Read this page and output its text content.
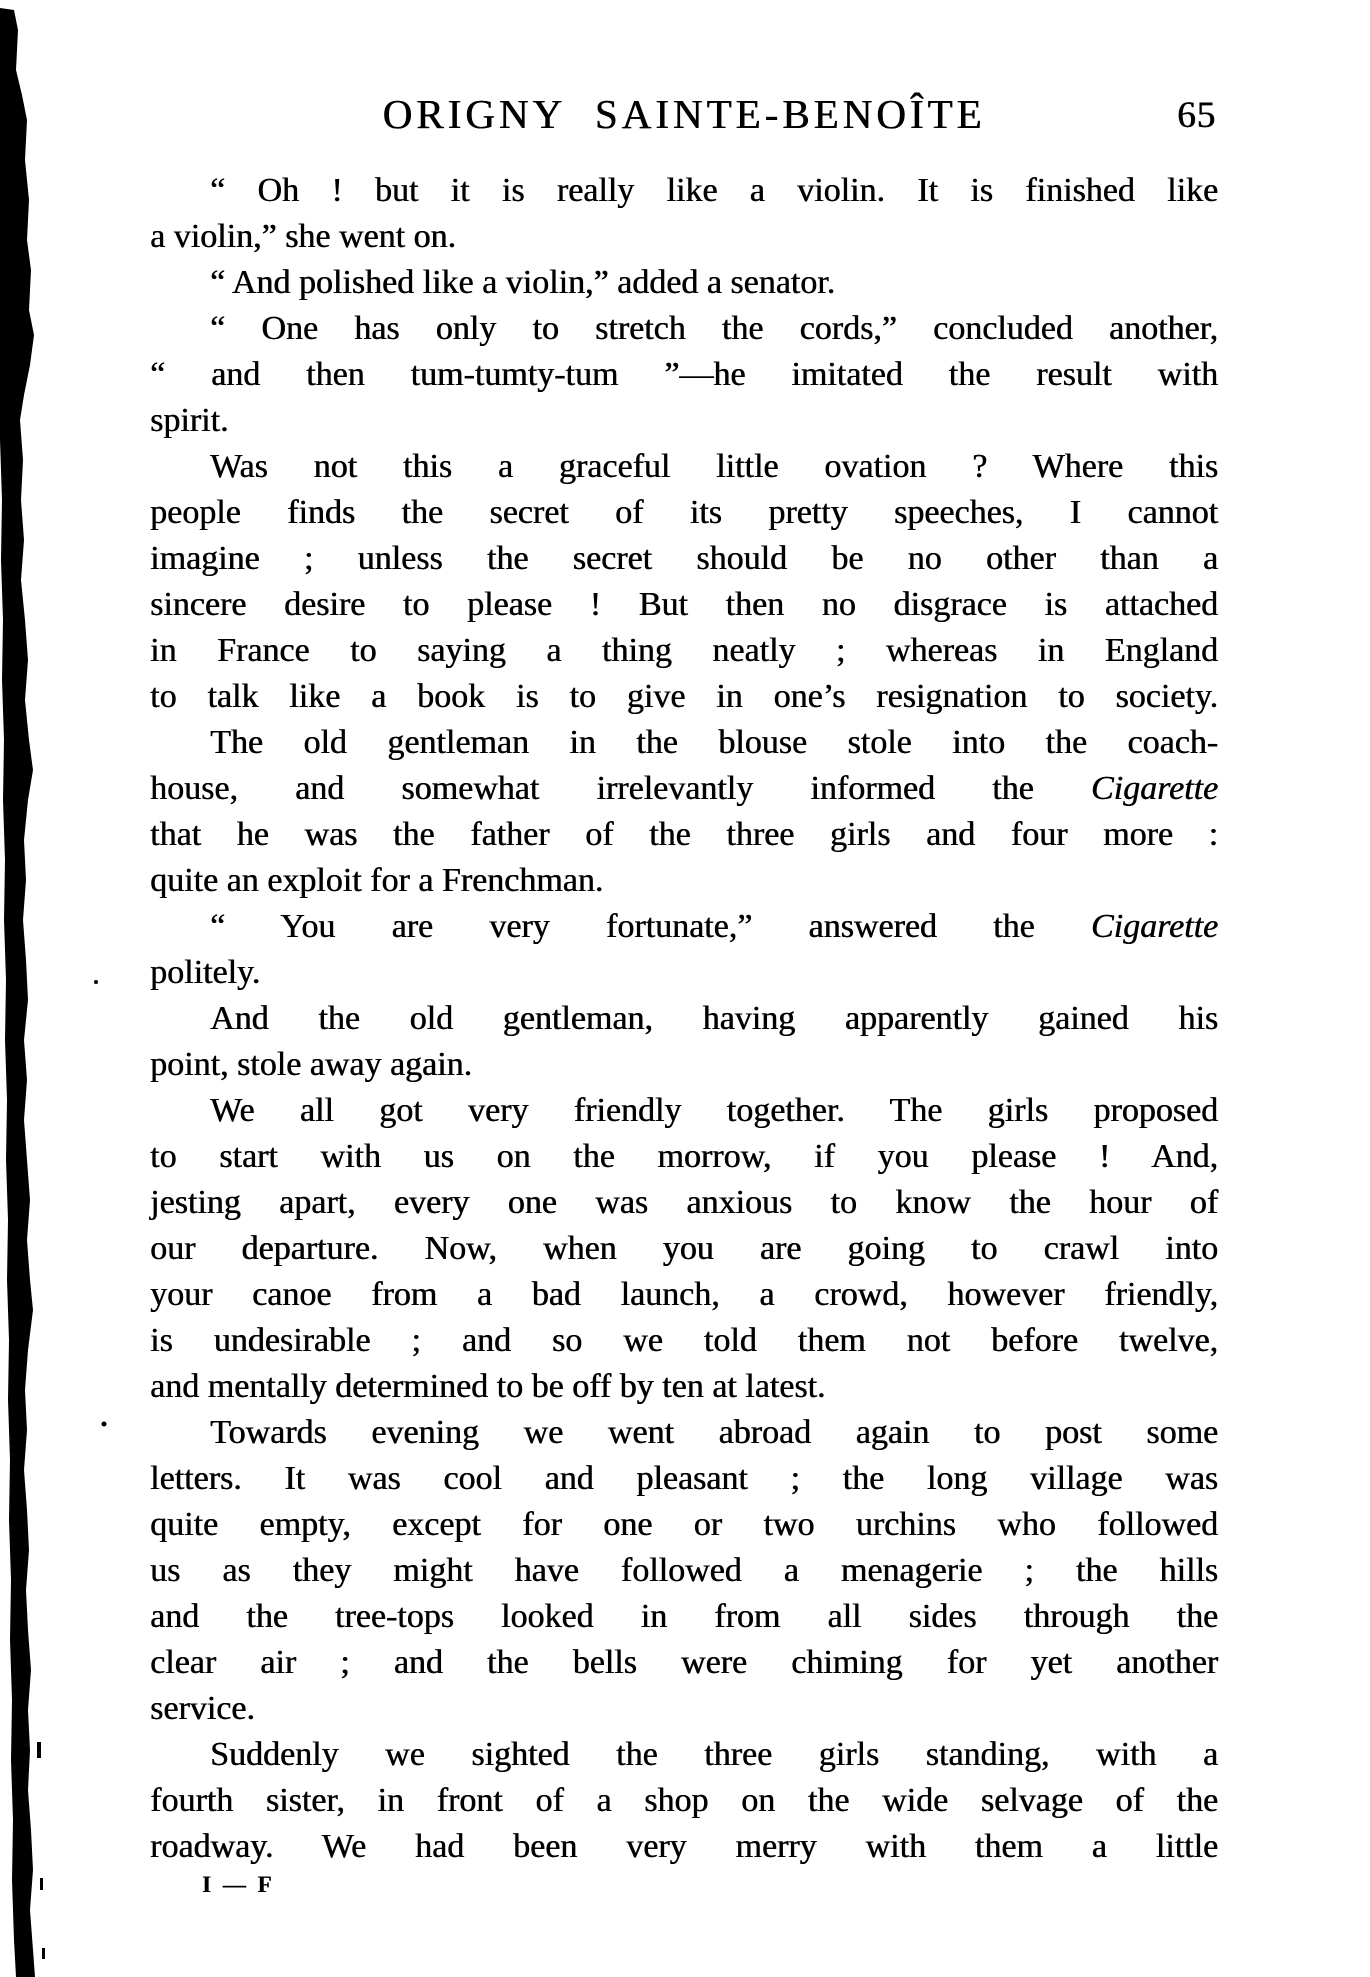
ORIGNY SAINTE-BENOÎTE	65
“ Oh ! but it is really like a violin. It is finished like
a violin,” she went on.
“ And polished like a violin,” added a senator.
“ One has only to stretch the cords,” concluded another,
“ and then tum-tumty-tum ”—he imitated the result with
spirit.
Was not this a graceful little ovation ? Where this
people finds the secret of its pretty speeches, I cannot
imagine ; unless the secret should be no other than a
sincere desire to please ! But then no disgrace is attached
in France to saying a thing neatly ; whereas in England
to talk like a book is to give in one’s resignation to society.
The old gentleman in the blouse stole into the coach-
house, and somewhat irrelevantly informed the Cigarette
that he was the father of the three girls and four more :
quite an exploit for a Frenchman.
“ You are very fortunate,” answered the Cigarette
politely.
And the old gentleman, having apparently gained his
point, stole away again.
We all got very friendly together. The girls proposed
to start with us on the morrow, if you please ! And,
jesting apart, every one was anxious to know the hour of
our departure. Now, when you are going to crawl into
your canoe from a bad launch, a crowd, however friendly,
is undesirable ; and so we told them not before twelve,
and mentally determined to be off by ten at latest.
Towards evening we went abroad again to post some
letters. It was cool and pleasant ; the long village was
quite empty, except for one or two urchins who followed
us as they might have followed a menagerie ; the hills
and the tree-tops looked in from all sides through the
clear air ; and the bells were chiming for yet another
service.
Suddenly we sighted the three girls standing, with a
fourth sister, in front of a shop on the wide selvage of the
roadway. We had been very merry with them a little
I — F
